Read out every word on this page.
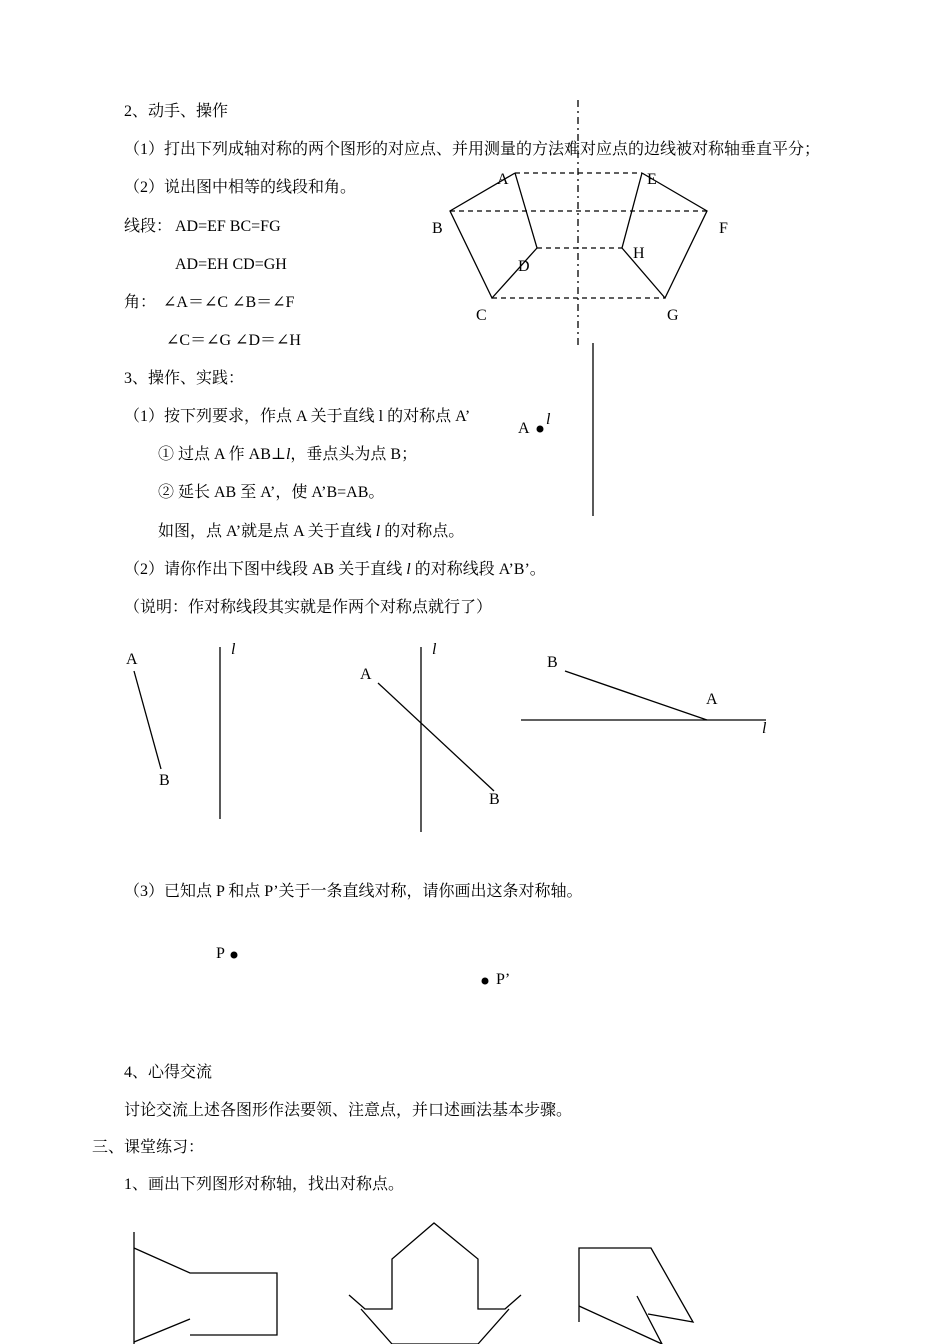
2、动手、操作
（1）打出下列成轴对称的两个图形的对应点、并用测量的方法难对应点的边线被对称轴垂直平分；
（2）说出图中相等的线段和角。
线段： AD=EF BC=FG
AD=EH CD=GH
角： ∠A＝∠C ∠B＝∠F
∠C＝∠G ∠D＝∠H
3、操作、实践：
（1）按下列要求，作点 A 关于直线 l 的对称点 A’
① 过点 A 作 AB⊥l，垂点头为点 B；
② 延长 AB 至 A’，使 A’B=AB。
如图，点 A’就是点 A 关于直线 l 的对称点。
（2）请你作出下图中线段 AB 关于直线 l 的对称线段 A’B’。
（说明：作对称线段其实就是作两个对称点就行了）
（3）已知点 P 和点 P’关于一条直线对称，请你画出这条对称轴。
4、心得交流
讨论交流上述各图形作法要领、注意点，并口述画法基本步骤。
三、课堂练习：
1、画出下列图形对称轴，找出对称点。
A	E
B	F
H
D
C	G
A
l
A
B
l
A
B
l
B
A
l
P
P’
